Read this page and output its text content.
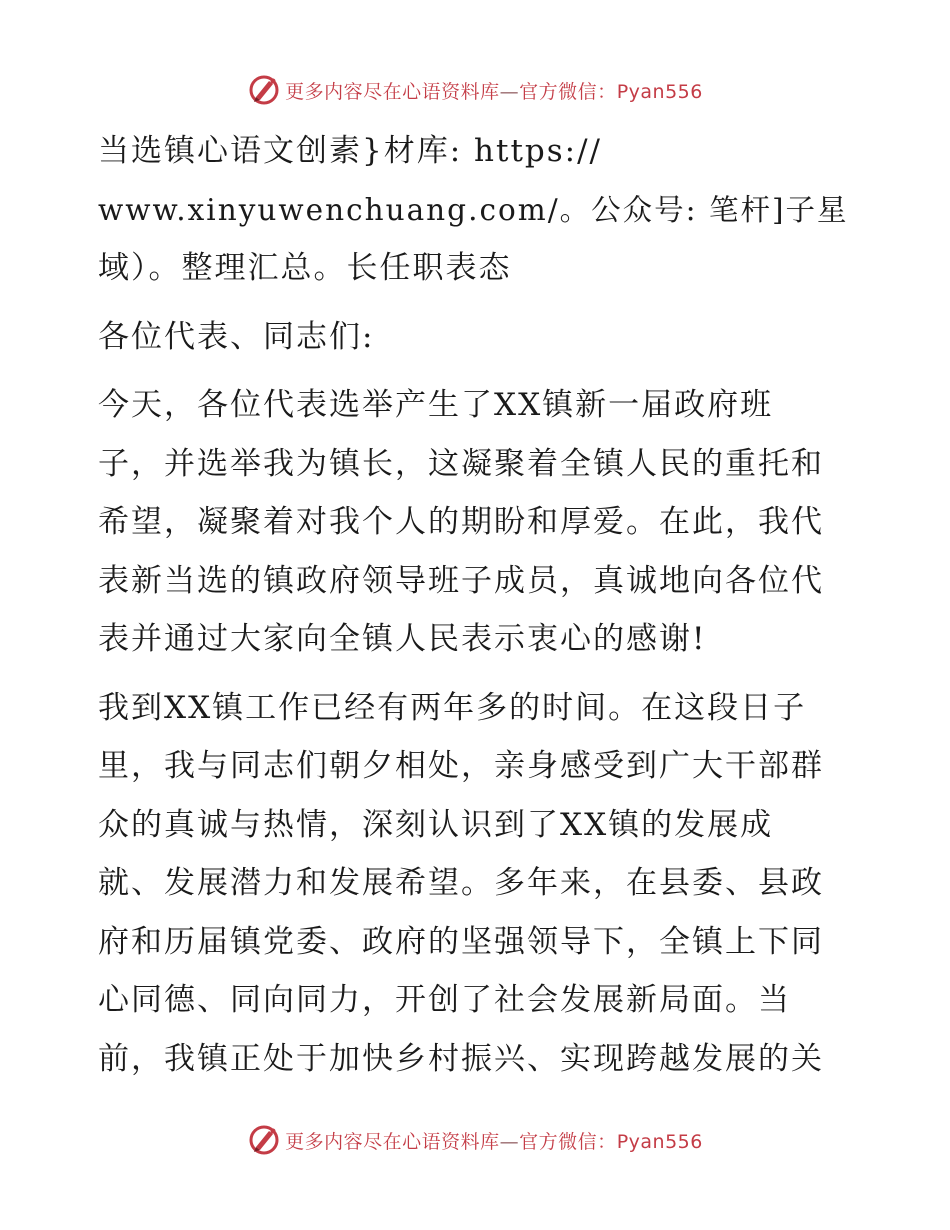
更多内容尽在心语资料库—官方微信：Pyan556

当选镇心语文创素}材库: https://
www.xinyuwenchuang.com/。公众号: 笔杆]子星
域）。整理汇总。长任职表态

各位代表、同志们:

今天，各位代表选举产生了XX镇新一届政府班
子，并选举我为镇长，这凝聚着全镇人民的重托和
希望，凝聚着对我个人的期盼和厚爱。在此，我代
表新当选的镇政府领导班子成员，真诚地向各位代
表并通过大家向全镇人民表示衷心的感谢!

我到XX镇工作已经有两年多的时间。在这段日子
里，我与同志们朝夕相处，亲身感受到广大干部群
众的真诚与热情，深刻认识到了XX镇的发展成
就、发展潜力和发展希望。多年来，在县委、县政
府和历届镇党委、政府的坚强领导下，全镇上下同
心同德、同向同力，开创了社会发展新局面。当
前，我镇正处于加快乡村振兴、实现跨越发展的关

更多内容尽在心语资料库—官方微信：Pyan556
